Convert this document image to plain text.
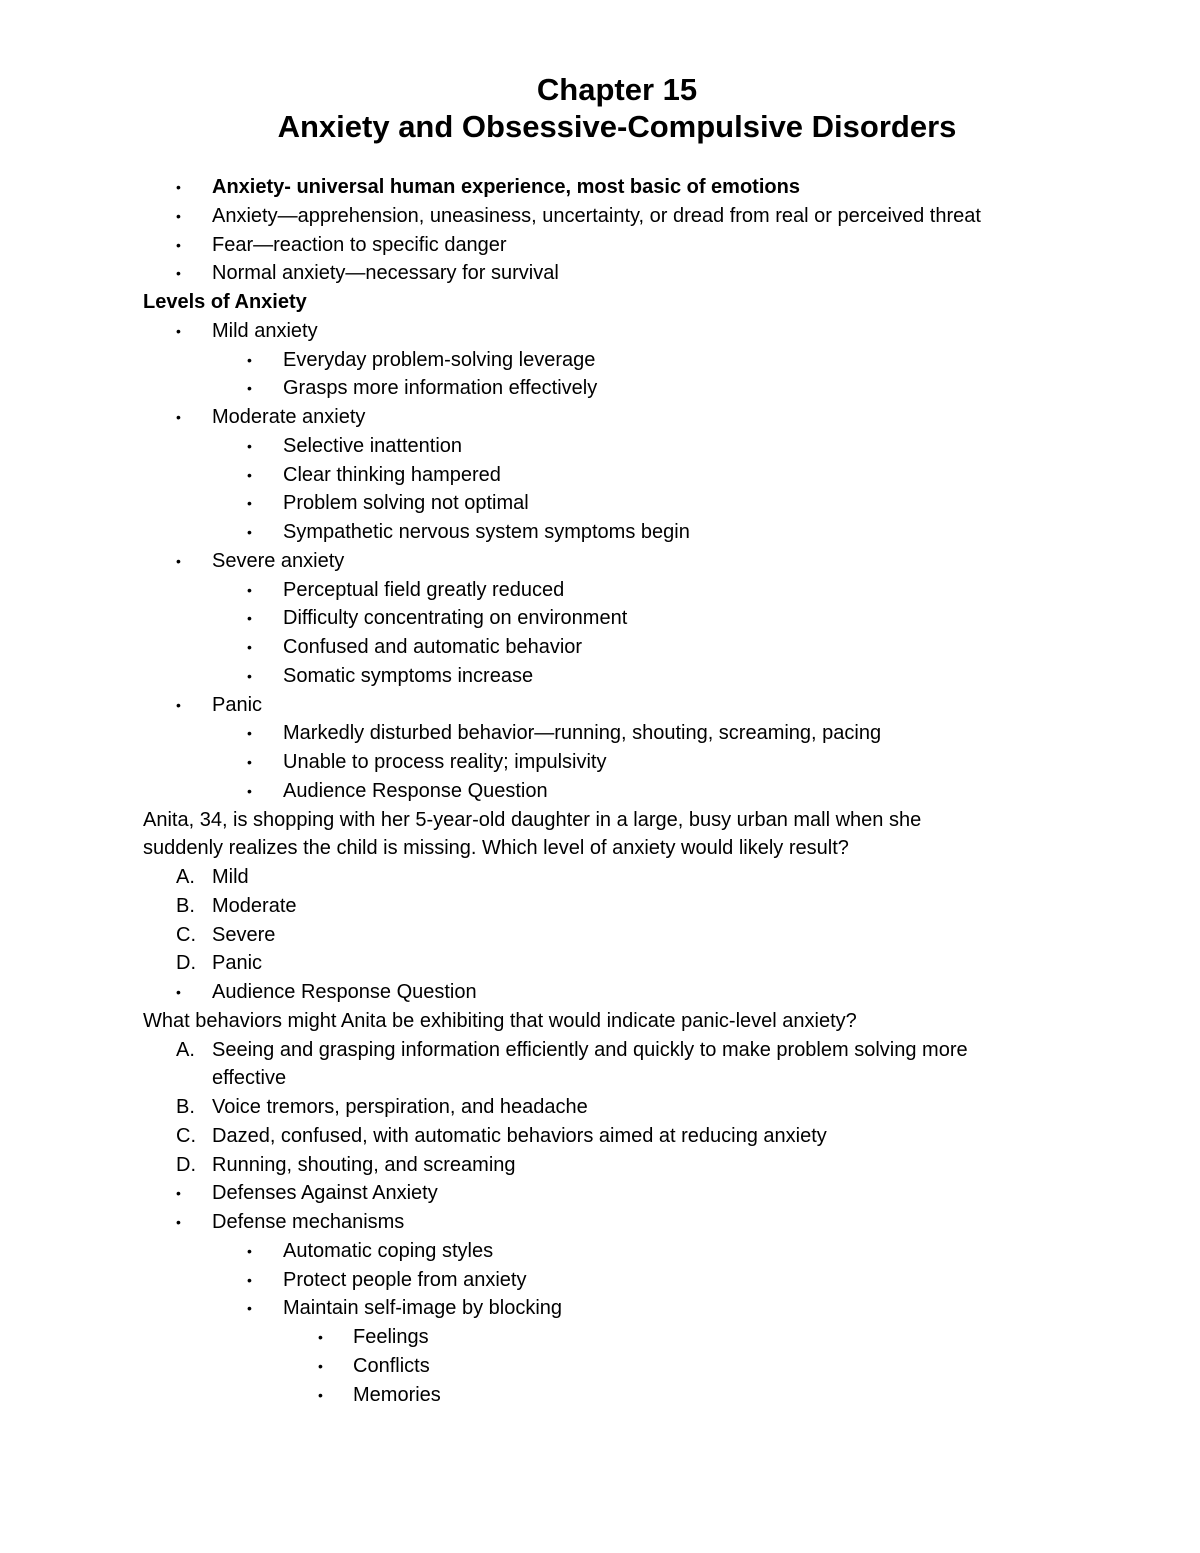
Chapter 15
Anxiety and Obsessive-Compulsive Disorders
• Anxiety- universal human experience, most basic of emotions
• Anxiety—apprehension, uneasiness, uncertainty, or dread from real or perceived threat
• Fear—reaction to specific danger
• Normal anxiety—necessary for survival
Levels of Anxiety
• Mild anxiety
• Everyday problem-solving leverage
• Grasps more information effectively
• Moderate anxiety
• Selective inattention
• Clear thinking hampered
• Problem solving not optimal
• Sympathetic nervous system symptoms begin
• Severe anxiety
• Perceptual field greatly reduced
• Difficulty concentrating on environment
• Confused and automatic behavior
• Somatic symptoms increase
• Panic
• Markedly disturbed behavior—running, shouting, screaming, pacing
• Unable to process reality; impulsivity
• Audience Response Question
Anita, 34, is shopping with her 5-year-old daughter in a large, busy urban mall when she
suddenly realizes the child is missing. Which level of anxiety would likely result?
A. Mild
B. Moderate
C. Severe
D. Panic
• Audience Response Question
What behaviors might Anita be exhibiting that would indicate panic-level anxiety?
A. Seeing and grasping information efficiently and quickly to make problem solving more
effective
B. Voice tremors, perspiration, and headache
C. Dazed, confused, with automatic behaviors aimed at reducing anxiety
D. Running, shouting, and screaming
• Defenses Against Anxiety
• Defense mechanisms
• Automatic coping styles
• Protect people from anxiety
• Maintain self-image by blocking
• Feelings
• Conflicts
• Memories
